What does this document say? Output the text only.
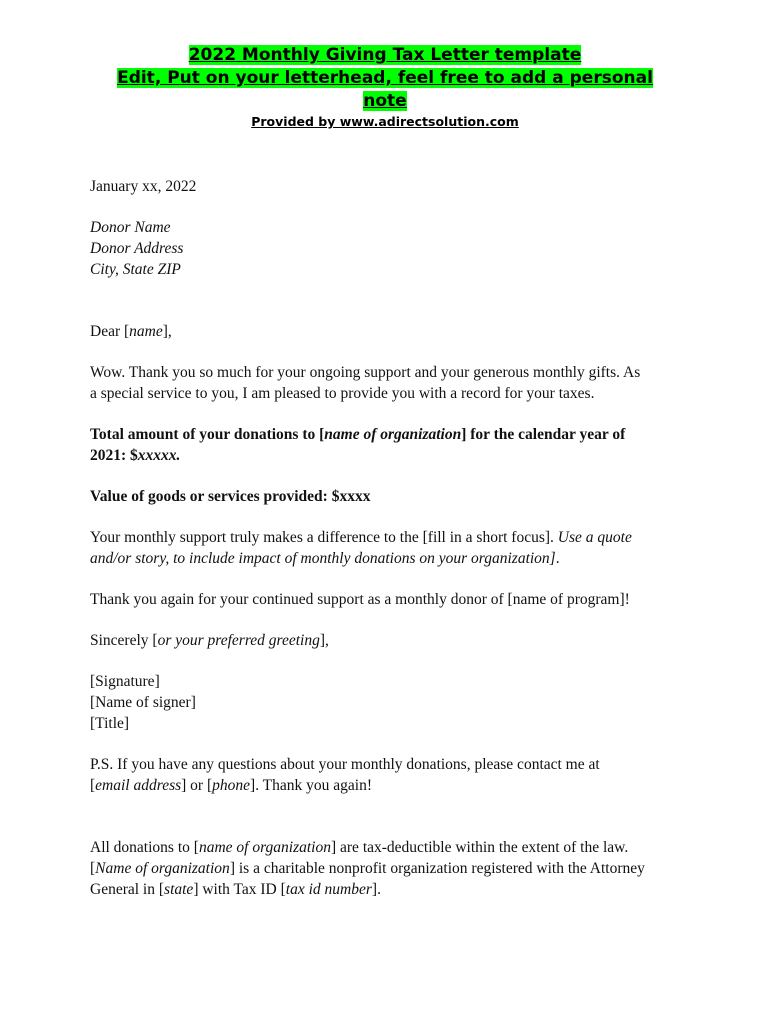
2022 Monthly Giving Tax Letter template
Edit, Put on your letterhead, feel free to add a personal
note
Provided by www.adirectsolution.com

January xx, 2022

Donor Name
Donor Address
City, State ZIP

Dear [name],

Wow. Thank you so much for your ongoing support and your generous monthly gifts. As
a special service to you, I am pleased to provide you with a record for your taxes.

Total amount of your donations to [name of organization] for the calendar year of
2021: $xxxxx.

Value of goods or services provided: $xxxx

Your monthly support truly makes a difference to the [fill in a short focus]. Use a quote
and/or story, to include impact of monthly donations on your organization].

Thank you again for your continued support as a monthly donor of [name of program]!

Sincerely [or your preferred greeting],

[Signature]
[Name of signer]
[Title]

P.S. If you have any questions about your monthly donations, please contact me at
[email address] or [phone]. Thank you again!

All donations to [name of organization] are tax-deductible within the extent of the law.
[Name of organization] is a charitable nonprofit organization registered with the Attorney
General in [state] with Tax ID [tax id number].
